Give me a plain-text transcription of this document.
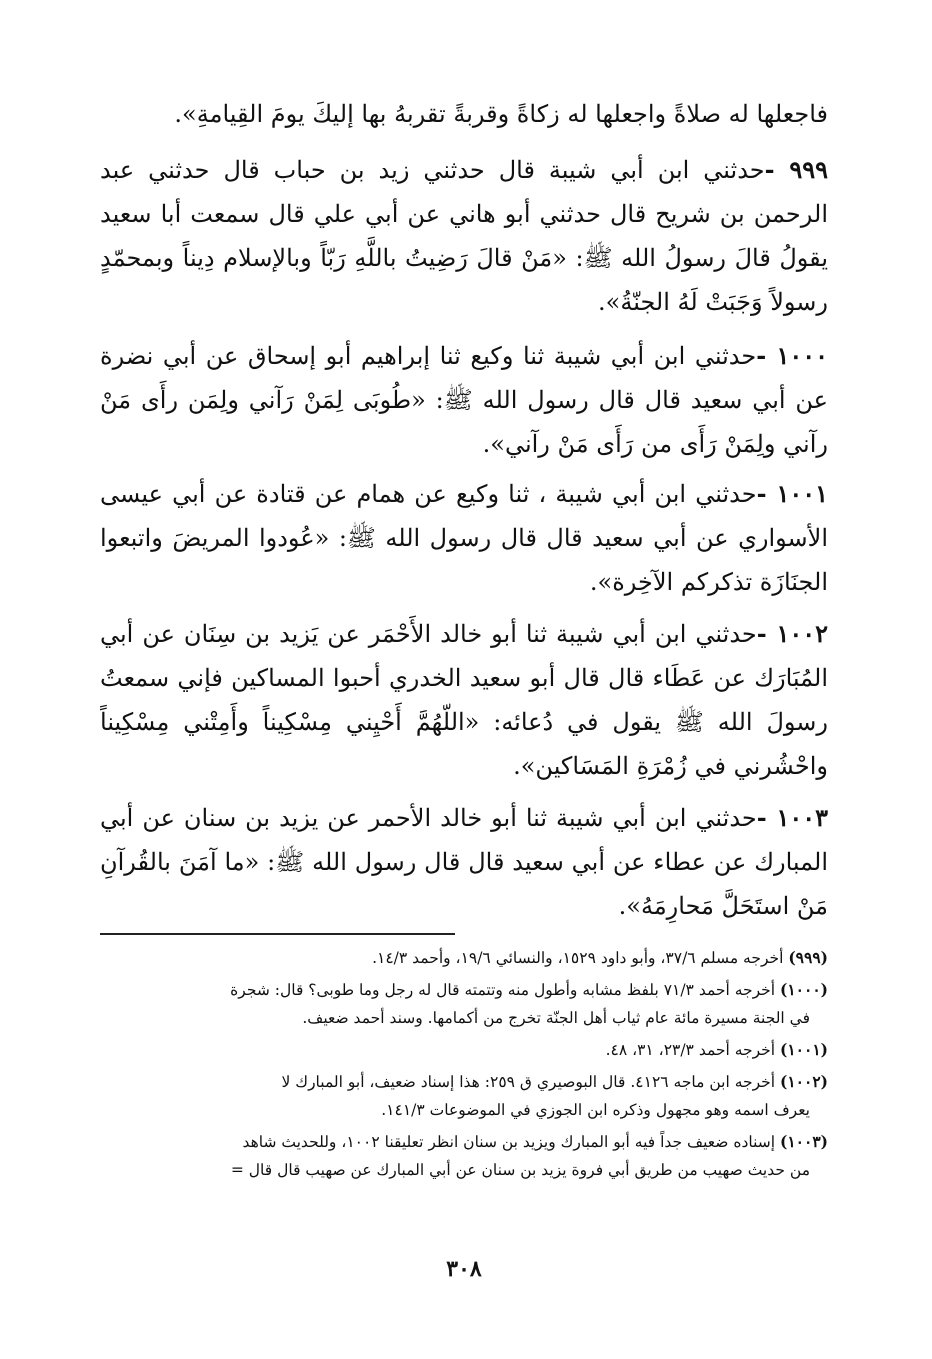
فاجعلها له صلاةً واجعلها له زكاةً وقربةً تقربهُ بها إليكَ يومَ القِيامةِ».

٩٩٩ -حدثني ابن أبي شيبة قال حدثني زيد بن حباب قال حدثني عبد الرحمن بن شريح قال حدثني أبو هاني عن أبي علي قال سمعت أبا سعيد يقولُ قالَ رسولُ الله ﷺ: «مَنْ قالَ رَضِيتُ باللَّهِ رَبّاً وبالإسلام دِيناً وبمحمّدٍ رسولاً وَجَبَتْ لَهُ الجنّةُ».

١٠٠٠ -حدثني ابن أبي شيبة ثنا وكيع ثنا إبراهيم أبو إسحاق عن أبي نضرة عن أبي سعيد قال قال رسول الله ﷺ: «طُوبَى لِمَنْ رَآني ولِمَن رأَى مَنْ رآني ولِمَنْ رَأَى من رَأَى مَنْ رآني».

١٠٠١ -حدثني ابن أبي شيبة ، ثنا وكيع عن همام عن قتادة عن أبي عيسى الأسواري عن أبي سعيد قال قال رسول الله ﷺ: «عُودوا المريضَ واتبعوا الجنَازَة تذكركم الآخِرة».

١٠٠٢ -حدثني ابن أبي شيبة ثنا أبو خالد الأَحْمَر عن يَزيد بن سِنَان عن أبي المُبَارَك عن عَطَاء قال قال أبو سعيد الخدري أحبوا المساكين فإني سمعتُ رسولَ الله ﷺ يقول في دُعائه: «اللّهُمَّ أَحْيِني مِسْكِيناً وأَمِتْني مِسْكِيناً واحْشُرني في زُمْرَةِ المَسَاكين».

١٠٠٣ -حدثني ابن أبي شيبة ثنا أبو خالد الأحمر عن يزيد بن سنان عن أبي المبارك عن عطاء عن أبي سعيد قال قال رسول الله ﷺ: «ما آمَنَ بالقُرآنِ مَنْ استَحَلَّ مَحارِمَهُ».

(٩٩٩) أخرجه مسلم ٣٧/٦، وأبو داود ١٥٢٩، والنسائي ١٩/٦، وأحمد ١٤/٣.
(١٠٠٠) أخرجه أحمد ٧١/٣ بلفظ مشابه وأطول منه وتتمته قال له رجل وما طوبى؟ قال: شجرة
في الجنة مسيرة مائة عام ثياب أهل الجنّة تخرج من أكمامها. وسند أحمد ضعيف.
(١٠٠١) أخرجه أحمد ٢٣/٣، ٣١، ٤٨.
(١٠٠٢) أخرجه ابن ماجه ٤١٢٦. قال البوصيري ق ٢٥٩: هذا إسناد ضعيف، أبو المبارك لا
يعرف اسمه وهو مجهول وذكره ابن الجوزي في الموضوعات ١٤١/٣.
(١٠٠٣) إسناده ضعيف جداً فيه أبو المبارك ويزيد بن سنان انظر تعليقنا ١٠٠٢، وللحديث شاهد
من حديث صهيب من طريق أبي فروة يزيد بن سنان عن أبي المبارك عن صهيب قال قال =
٣٠٨
